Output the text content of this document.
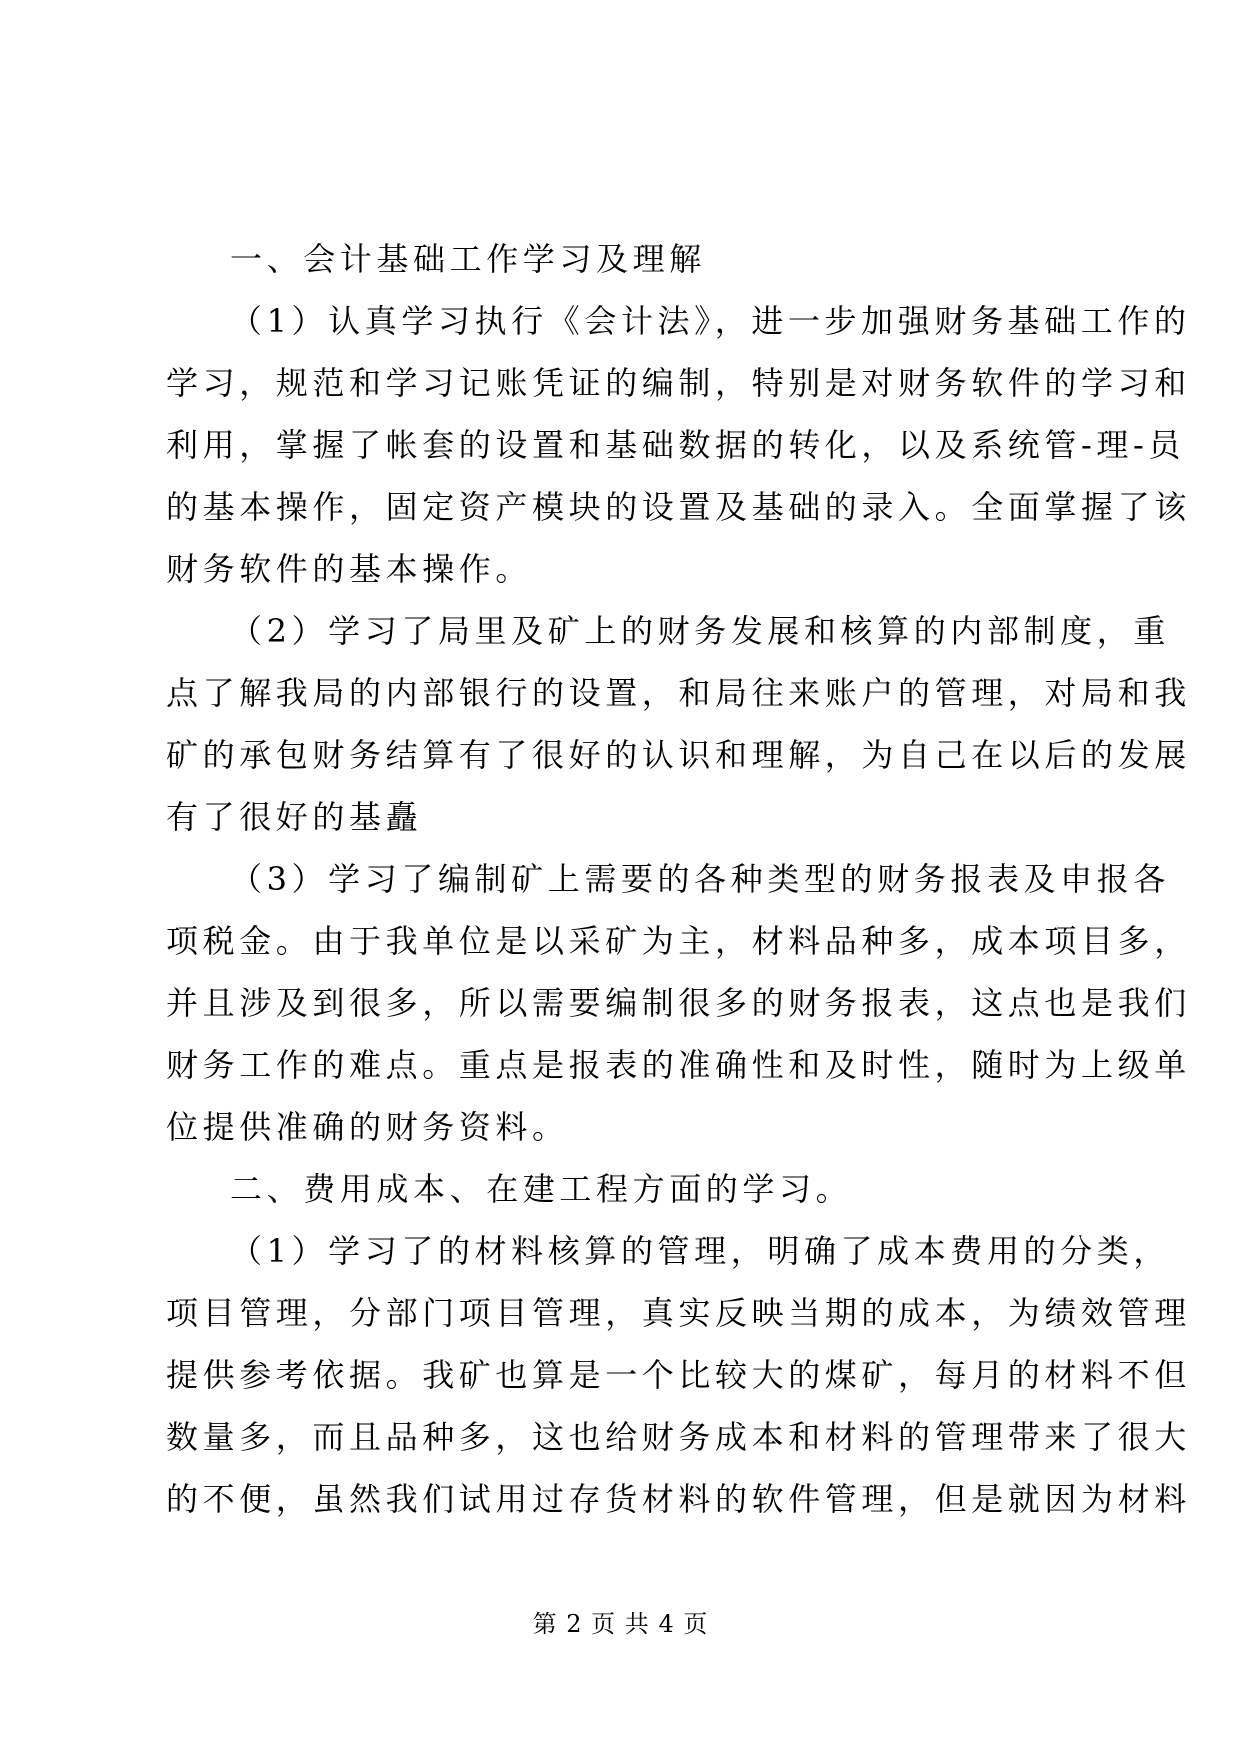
一、会计基础工作学习及理解
（1）认真学习执行《会计法》，进一步加强财务基础工作的
学习，规范和学习记账凭证的编制，特别是对财务软件的学习和
利用，掌握了帐套的设置和基础数据的转化，以及系统管-理-员
的基本操作，固定资产模块的设置及基础的录入。全面掌握了该
财务软件的基本操作。
（2）学习了局里及矿上的财务发展和核算的内部制度，重
点了解我局的内部银行的设置，和局往来账户的管理，对局和我
矿的承包财务结算有了很好的认识和理解，为自己在以后的发展
有了很好的基矗
（3）学习了编制矿上需要的各种类型的财务报表及申报各
项税金。由于我单位是以采矿为主，材料品种多，成本项目多，
并且涉及到很多，所以需要编制很多的财务报表，这点也是我们
财务工作的难点。重点是报表的准确性和及时性，随时为上级单
位提供准确的财务资料。
二、费用成本、在建工程方面的学习。
（1）学习了的材料核算的管理，明确了成本费用的分类，
项目管理，分部门项目管理，真实反映当期的成本，为绩效管理
提供参考依据。我矿也算是一个比较大的煤矿，每月的材料不但
数量多，而且品种多，这也给财务成本和材料的管理带来了很大
的不便，虽然我们试用过存货材料的软件管理，但是就因为材料
第 2 页 共 4 页
